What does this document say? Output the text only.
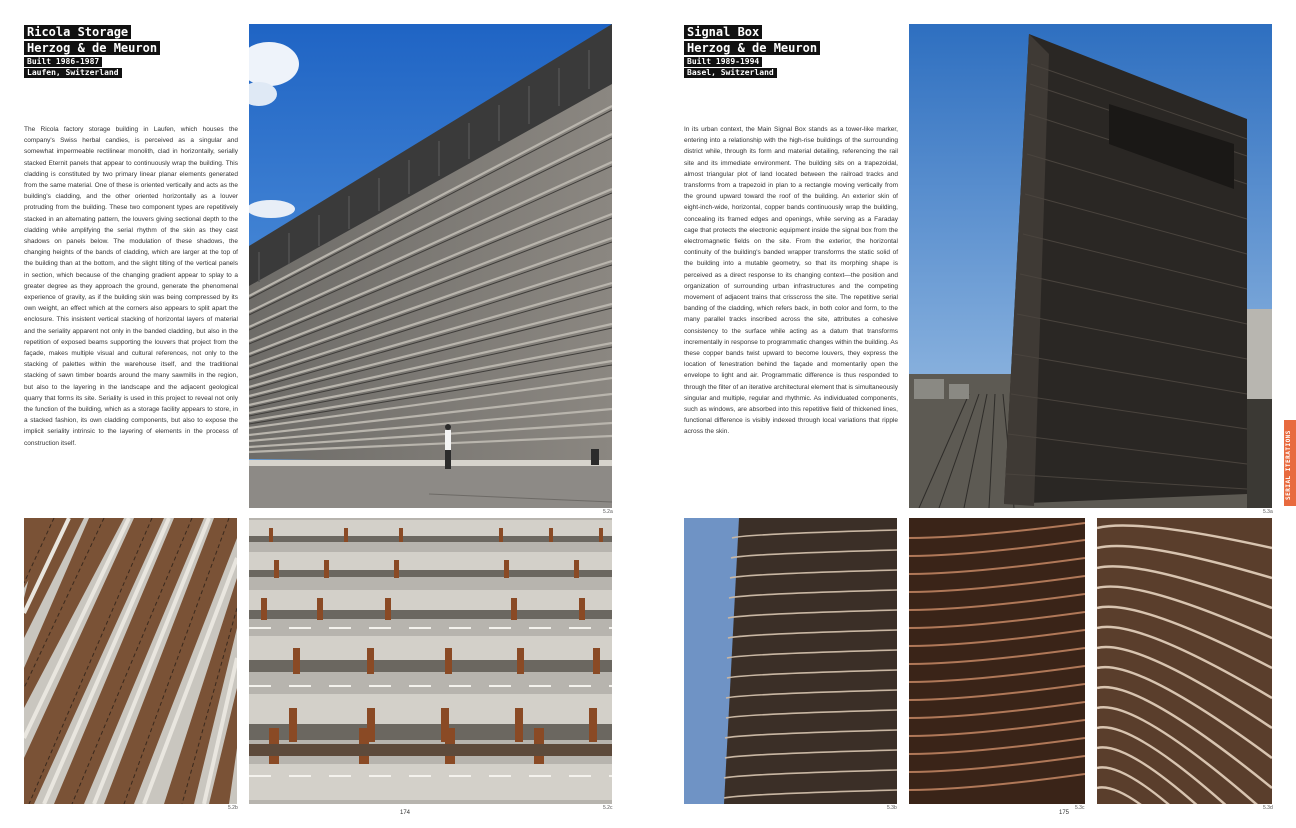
Ricola Storage
Herzog & de Meuron
Built 1986-1987
Laufen, Switzerland
The Ricola factory storage building in Laufen, which houses the company's Swiss herbal candies, is perceived as a singular and somewhat impermeable rectilinear monolith, clad in horizontally, serially stacked Eternit panels that appear to continuously wrap the building. This cladding is constituted by two primary linear planar elements generated from the same material. One of these is oriented vertically and acts as the building's cladding, and the other oriented horizontally as a louver protruding from the building. These two component types are repetitively stacked in an alternating pattern, the louvers giving sectional depth to the cladding while amplifying the serial rhythm of the skin as they cast shadows on panels below. The modulation of these shadows, the changing heights of the bands of cladding, which are larger at the top of the building than at the bottom, and the slight tilting of the vertical panels in section, which because of the changing gradient appear to splay to a greater degree as they approach the ground, generate the phenomenal experience of gravity, as if the building skin was being compressed by its own weight, an effect which at the corners also appears to split apart the enclosure. This insistent vertical stacking of horizontal layers of material and the seriality apparent not only in the banded cladding, but also in the repetition of exposed beams supporting the louvers that project from the façade, makes multiple visual and cultural references, not only to the stacking of palettes within the warehouse itself, and the traditional stacking of sawn timber boards around the many sawmills in the region, but also to the layering in the landscape and the adjacent geological quarry that forms its site. Seriality is used in this project to reveal not only the function of the building, which as a storage facility appears to store, in a stacked fashion, its own cladding components, but also to expose the implicit seriality intrinsic to the layering of elements in the process of construction itself.
5.2a
5.2b	5.2c
174
Signal Box
Herzog & de Meuron
Built 1989-1994
Basel, Switzerland
In its urban context, the Main Signal Box stands as a tower-like marker, entering into a relationship with the high-rise buildings of the surrounding district while, through its form and material detailing, referencing the rail site and its immediate environment. The building sits on a trapezoidal, almost triangular plot of land located between the railroad tracks and transforms from a trapezoid in plan to a rectangle moving vertically from the ground upward toward the roof of the building. An exterior skin of eight-inch-wide, horizontal, copper bands continuously wrap the building, concealing its framed edges and openings, while serving as a Faraday cage that protects the electronic equipment inside the signal box from the electromagnetic fields on the site. From the exterior, the horizontal continuity of the building's banded wrapper transforms the static solid of the building into a mutable geometry, so that its morphing shape is perceived as a direct response to its changing context—the position and organization of surrounding urban infrastructures and the competing movement of adjacent trains that crisscross the site. The repetitive serial banding of the cladding, which refers back, in both color and form, to the many parallel tracks inscribed across the site, attributes a cohesive consistency to the surface while acting as a datum that transforms incrementally in response to programmatic changes within the building. As these copper bands twist upward to become louvers, they express the location of fenestration behind the façade and momentarily open the envelope to light and air. Programmatic difference is thus responded to through the filter of an iterative architectural element that is simultaneously singular and multiple, regular and rhythmic. As individuated components, such as windows, are absorbed into this repetitive field of thickened lines, functional difference is visibly indexed through local variations that ripple across the skin.
5.3a
5.3b	5.3c	5.3d
175
SERIAL ITERATIONS
